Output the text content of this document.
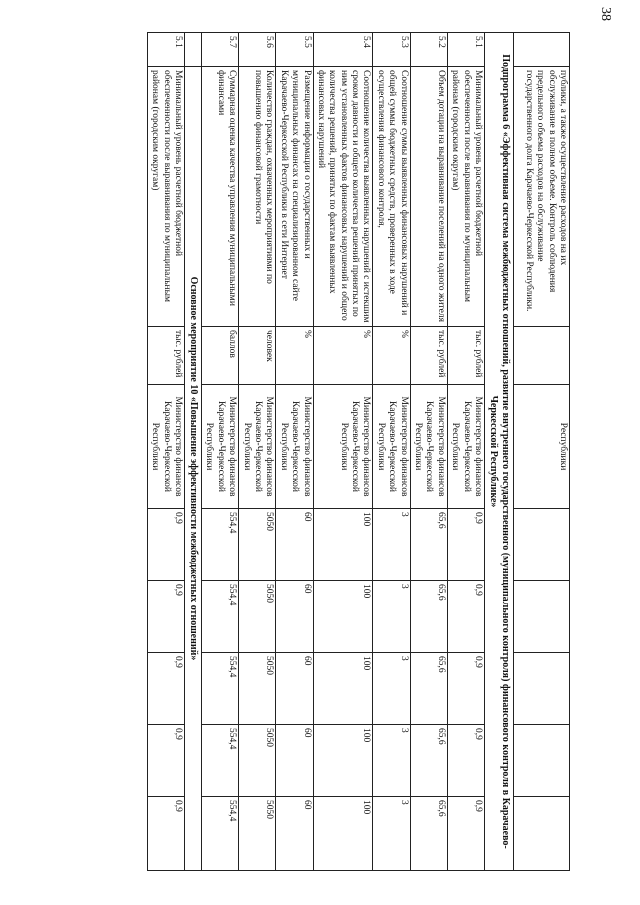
38
	публики, а также осуществление расходов на их обслуживание в полном объеме. Контроль соблюдения предельного объема расходов на обслуживание государственного долга Карачаево-Черкесской Республики.		Республики					
Подпрограмма 6 «Эффективная система межбюджетных отношений, развитие внутреннего государственного (муниципального контроля) финансового контроля в Карачаево-Черкесской Республике»								
5.1	Минимальный уровень расчетной бюджетной обеспеченности после выравнивания по муниципальным районам (городским округам)	тыс. рублей	Министерство финансов Карачаево-Черкесской Республики	0,9	0,9	0,9	0,9	0,9
5.2	Объем дотации на выравнивание поселений на одного жителя	тыс. рублей	Министерство финансов Карачаево-Черкесской Республики	65,6	65,6	65,6	65,6	65,6
5.3	Соотношение суммы выявленных финансовых нарушений и общей суммы бюджетных средств, проверенных в ходе осуществления финансового контроля,	%	Министерство финансов Карачаево-Черкесской Республики	3	3	3	3	3
5.4	Соотношение количества выявленных нарушений с истекшим сроком давности и общего количества решений принятых по ним установленных фактов финансовых нарушений и общего количества решений, принятых по фактам выявленных финансовых нарушений	%	Министерство финансов Карачаево-Черкесской Республики	100	100	100	100	100
5.5	Размещение информации о государственных и муниципальных финансах на специализированном сайте Карачаево-Черкесской Республики в сети Интернет	%	Министерство финансов Карачаево-Черкесской Республики	60	60	60	60	60
5.6	Количество граждан, охваченных мероприятиями по повышению финансовой грамотности	человек	Министерство финансов Карачаево-Черкесской Республики	5050	5050	5050	5050	5050
5.7	Суммарная оценка качества управления муниципальными финансами	баллов	Министерство финансов Карачаево-Черкесской Республики	554,4	554,4	554,4	554,4	554,4
	Основное мероприятие 10 «Повышение эффективности межбюджетных отношений»							
5.1	Минимальный уровень расчетной бюджетной обеспеченности после выравнивания по муниципальным районам (городским округам)	тыс. рублей	Министерство финансов Карачаево-Черкесской Республики	0,9	0,9	0,9	0,9	0,9
